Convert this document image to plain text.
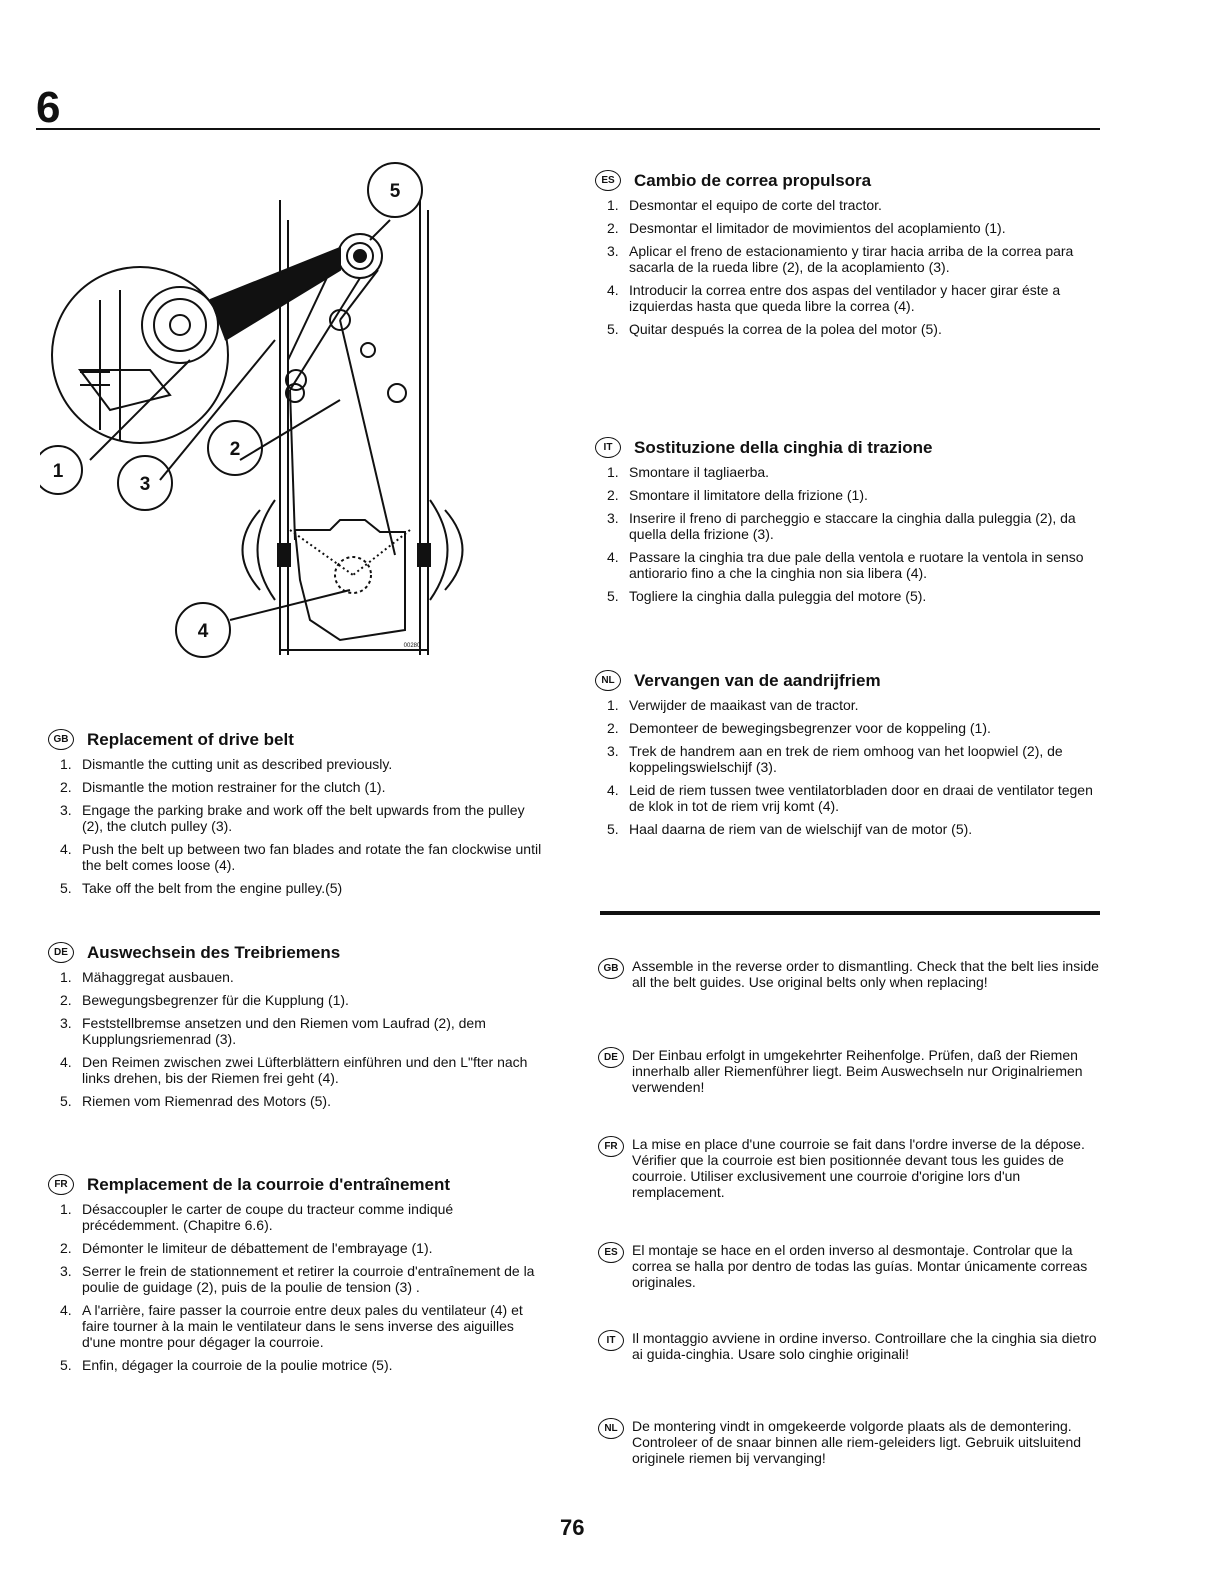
6
1
2
3
4
5
00280
GB	Replacement of drive belt
1. Dismantle the cutting unit as described previously.
2. Dismantle the motion restrainer for the clutch (1).
3. Engage the parking brake and work off the belt upwards from the pulley (2), the clutch pulley (3).
4. Push the belt up between two fan blades and rotate the fan clockwise until the belt comes loose (4).
5. Take off the belt from the engine pulley.(5)
DE	Auswechsein des Treibriemens
1. Mähaggregat ausbauen.
2. Bewegungsbegrenzer für die Kupplung (1).
3. Feststellbremse ansetzen und den Riemen vom Laufrad (2), dem Kupplungsriemenrad (3).
4. Den Reimen zwischen zwei Lüfterblättern einführen und den L"fter nach links drehen, bis der Riemen frei geht (4).
5. Riemen vom Riemenrad des Motors (5).
FR	Remplacement de la courroie d'entraînement
1. Désaccoupler le carter de coupe du tracteur comme indiqué précédemment. (Chapitre 6.6).
2. Démonter le limiteur de débattement de l'embrayage (1).
3. Serrer le frein de stationnement et retirer la courroie d'entraînement de la poulie de guidage (2), puis de la poulie de tension (3) .
4. A l'arrière, faire passer la courroie entre deux pales du ventilateur (4) et faire tourner à la main le ventilateur dans le sens inverse des aiguilles d'une montre pour dégager la courroie.
5. Enfin, dégager la courroie de la poulie motrice (5).
ES	Cambio de correa propulsora
1. Desmontar el equipo de corte del tractor.
2. Desmontar el limitador de movimientos del acoplamiento (1).
3. Aplicar el freno de estacionamiento y tirar hacia arriba de la correa para sacarla de la rueda libre (2), de la acoplamiento (3).
4. Introducir la correa entre dos aspas del ventilador y hacer girar éste a izquierdas hasta que queda libre la correa (4).
5. Quitar después la correa de la polea del motor (5).
IT	Sostituzione della cinghia di trazione
1. Smontare il tagliaerba.
2. Smontare il limitatore della frizione (1).
3. Inserire il freno di parcheggio e staccare la cinghia dalla puleggia (2), da quella della frizione (3).
4. Passare la cinghia tra due pale della ventola e ruotare la ventola in senso antiorario fino a che la cinghia non sia libera (4).
5. Togliere la cinghia dalla puleggia del motore (5).
NL	Vervangen van de aandrijfriem
1. Verwijder de maaikast van de tractor.
2. Demonteer de bewegingsbegrenzer voor de koppeling (1).
3. Trek de handrem aan en trek de riem omhoog van het loopwiel (2), de koppelingswielschijf (3).
4. Leid de riem tussen twee ventilatorbladen door en draai de ventilator tegen de klok in tot de riem vrij komt (4).
5. Haal daarna de riem van de wielschijf van de motor (5).
GB Assemble in the reverse order to dismantling. Check that the belt lies inside all the belt guides. Use original belts only when replacing!
DE	Der Einbau erfolgt in umgekehrter Reihenfolge. Prüfen, daß der Riemen innerhalb aller Riemenführer liegt. Beim Auswechseln nur Originalriemen verwenden!
FR	La mise en place d'une courroie se fait dans l'ordre inverse de la dépose. Vérifier que la courroie est bien positionnée devant tous les guides de courroie. Utiliser exclusivement une courroie d'origine lors d'un remplacement.
ES	El montaje se hace en el orden inverso al desmontaje. Controlar que la correa se halla por dentro de todas las guías. Montar únicamente correas originales.
IT	Il montaggio avviene in ordine inverso. Controillare che la cinghia sia dietro ai guida-cinghia. Usare solo cinghie originali!
NL	De montering vindt in omgekeerde volgorde plaats als de demontering. Controleer of de snaar binnen alle riem-geleiders ligt. Gebruik uitsluitend originele riemen bij vervanging!
76
